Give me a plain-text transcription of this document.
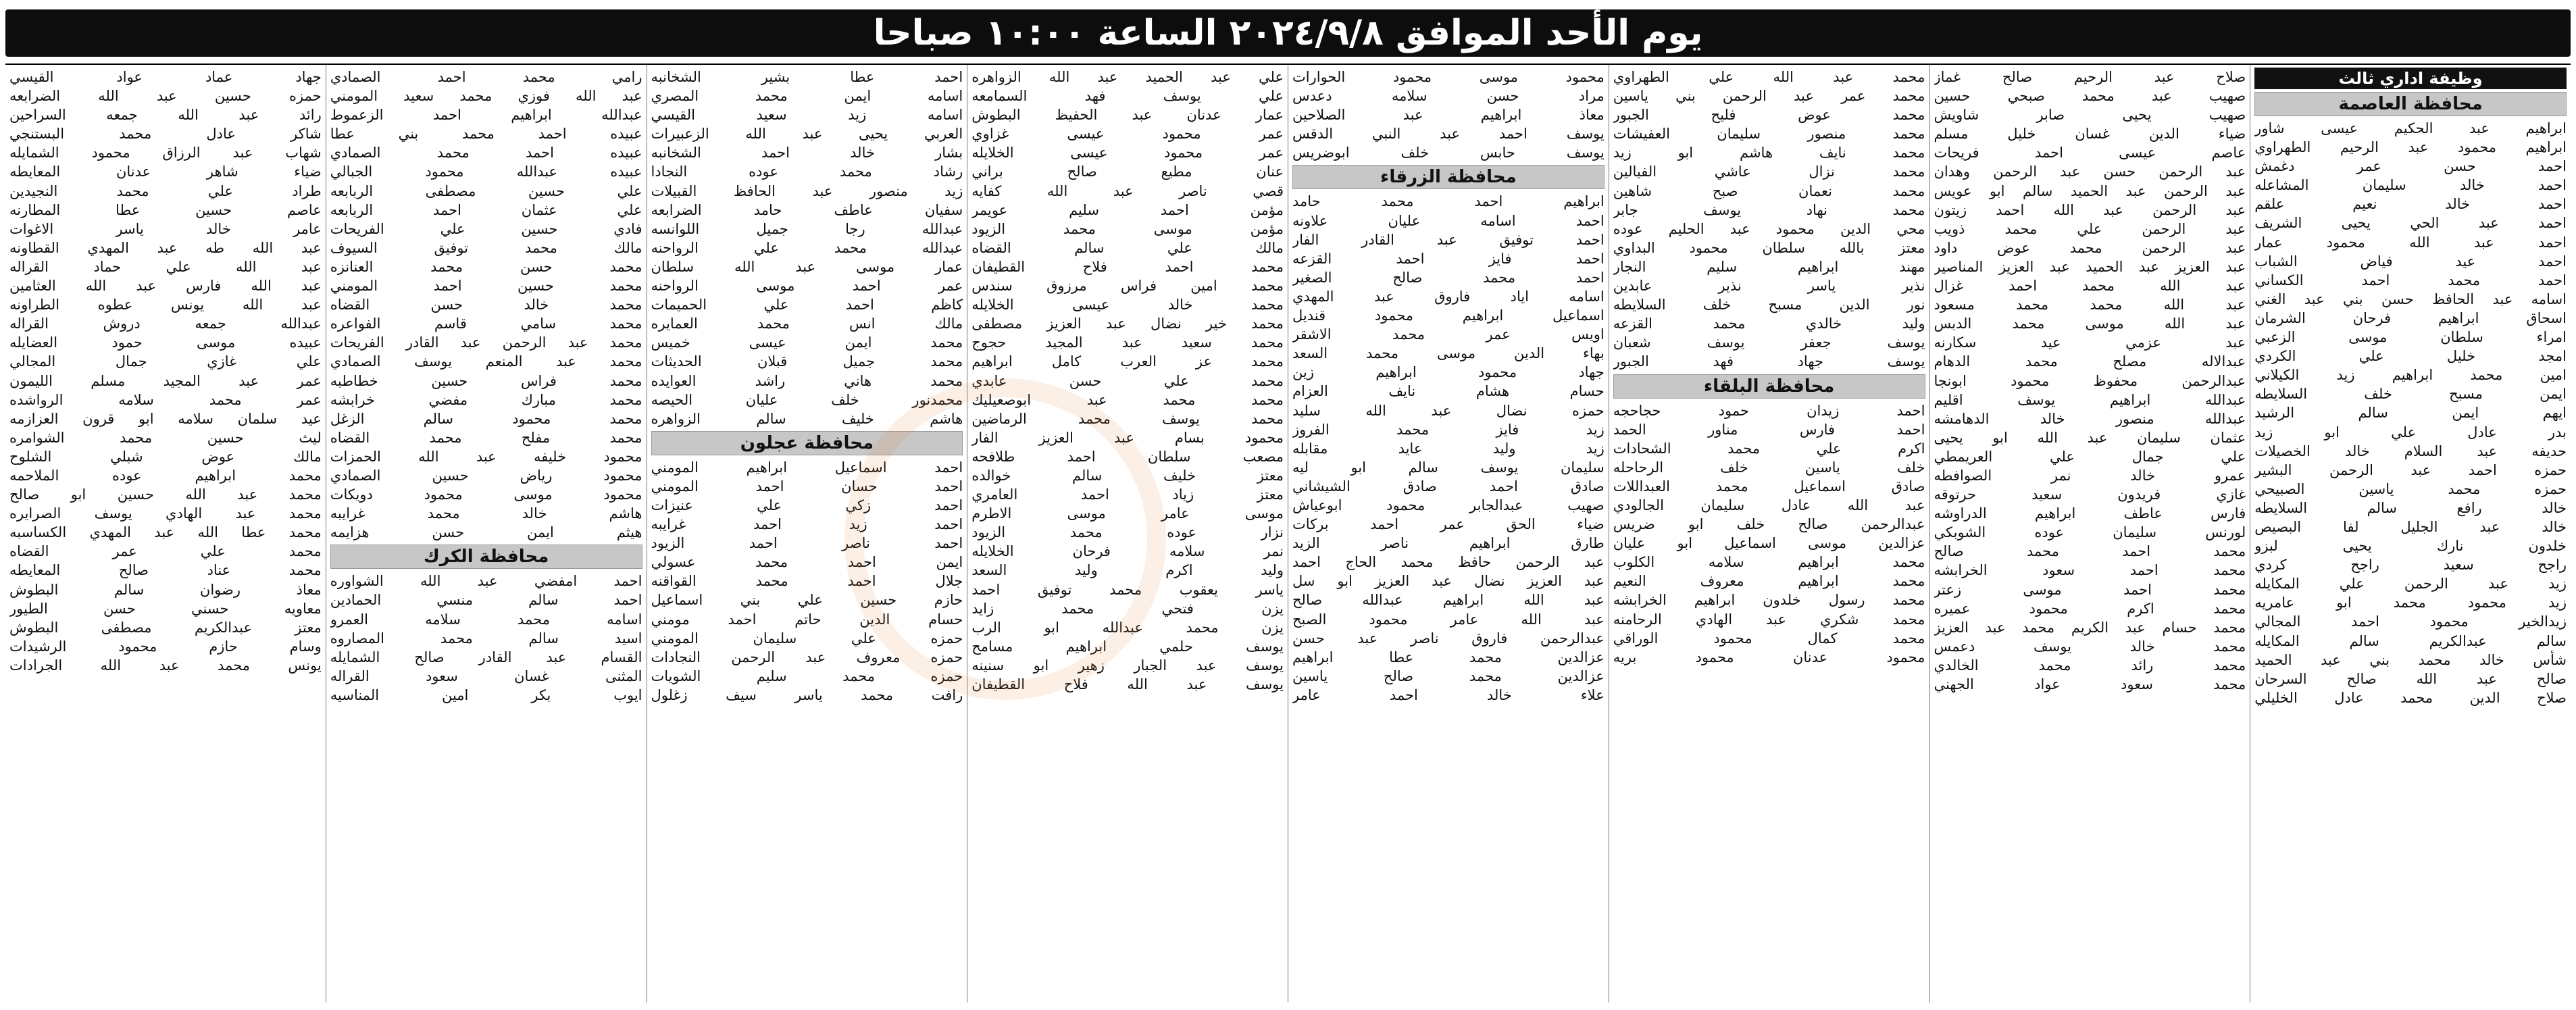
يوم الأحد الموافق ٢٠٢٤/٩/٨ الساعة ١٠:٠٠ صباحا
وظيفة اداري ثالث
محافظة العاصمة
ابراهيم عبد الحكيم عيسى شاور
ابراهيم محمود عبد الرحيم الطهراوي
احمد حسن عمر دغمش
احمد خالد سليمان المشاعله
احمد خالد نعيم علقم
احمد عبد الحي يحيى الشريف
احمد عبد الله محمود عمار
احمد عيد فياض الشباب
احمد محمد احمد الكساني
اسامه عبد الحافظ حسن بني عبد الغني
اسحاق ابراهيم فرحان الشرمان
امراء سلطان موسى الزعبي
امجد خليل علي الكردي
امين محمد ابراهيم زيد الكيلاني
ايمن مسبح خلف السلايطه
ايهم ايمن سالم الرشيد
بدر عادل علي ابو زيد
حديفه عبد السلام خالد الخصيلات
حمزه احمد عبد الرحمن البشير
حمزه محمد ياسين الصبيحي
خالد رافع سالم السلايطه
خالد عبد الجليل لفا البصيص
خلدون نارك يحيى لبزو
راجح سعيد راجح كردي
زيد عبد الرحمن علي المكايله
زيد محمود محمد ابو عامريه
زيدالخير محمود احمد المجالي
سالم عبدالكريم سالم المكايله
شأس خالد محمد بني عبد الحميد
صالح عبد الله صالح السرحان
صلاح الدين محمد عادل الخليلي
صلاح عبد الرحيم صالح غماز
صهيب عبد محمد صبحي حسين
صهيب يحيى صابر شاويش
ضياء الدين غسان خليل مسلم
عاصم عيسى احمد فريحات
عبد الرحمن حسن عبد الرحمن وهدان
عبد الرحمن عبد الحميد سالم ابو عويس
عبد الرحمن عبد الله احمد زيتون
عبد الرحمن علي محمد ذويب
عبد الرحمن محمد عوض داود
عبد العزيز عبد الحميد عبد العزيز المناصير
عبد الله محمد احمد غزال
عبد الله محمد محمد مسعود
عبد الله موسى محمد الدبس
عبد عزمي عيد سكارنه
عبدالاله مصلح محمد الدهام
عبدالرحمن محفوظ محمود ابونجا
عبدالله ابراهيم يوسف اقليم
عبدالله منصور خالد الدهامشه
عثمان سليمان عبد الله ابو يحيى
علي جمال علي العريمطي
عمرو خالد نمر الصوافطه
غازي فريدون سعيد حرتوقه
فارس عاطف ابراهيم الدراوشه
لورنس سليمان عوده الشوبكي
محمد احمد محمد صالح
محمد احمد سعود الخرابشه
محمد احمد موسى زعتر
محمد اكرم محمود عميره
محمد حسام عبد الكريم محمد عبد العزيز
محمد خالد يوسف دعمس
محمد رائد محمد الخالدي
محمد سعود عواد الجهني
محمد عبد الله علي الطهراوي
محمد عمر عبد الرحمن بني ياسين
محمد عوض فليح الجبور
محمد منصور سليمان العفيشات
محمد نايف هاشم ابو زيد
محمد نزال عاشي الفيالين
محمد نعمان صبح شاهين
محمد نهاد يوسف جابر
محي الدين محمود عبد الحليم عوده
معتز بالله سلطان محمود البداوي
مهند ابراهيم سليم النجار
نذير ياسر نذير عابدين
نور الدين مسبح خلف السلايطه
وليد خالدي محمد القزعه
يوسف جعفر يوسف شعبان
يوسف جهاد فهد الجبور
محافظة البلقاء
احمد زيدان حمود حجاحجه
احمد فارس مناور الحمد
اكرم علي محمد الشحادات
خلف ياسين خلف الرحاحله
صادق اسماعيل محمد العبداللات
عبد الله عادل سليمان الجالودي
عبدالرحمن صالح خلف ابو ضريس
عزالدين موسى اسماعيل ابو عليان
محمد ابراهيم سلامه الكلوب
محمد ابراهيم معروف النعيم
محمد رسول خلدون ابراهيم الخرابشه
محمد شكري عبد الهادي الرحامنه
محمد كمال محمود الوراقي
محمود عدنان محمود بريه
محمود موسى محمود الحوارات
مراد حسن سلامه دعدس
معاذ ابراهيم عبد الصلاحين
يوسف احمد عبد النبي الدقس
يوسف حابس خلف ابوضريس
محافظة الزرقاء
ابراهيم احمد محمد حامد
احمد اسامه عليان علاونه
احمد توفيق عبد القادر الفار
احمد فايز احمد القزعه
احمد محمد صالح الصغير
اسامه اياد فاروق عبد المهدي
اسماعيل ابراهيم محمود قنديل
اويس عمر محمد الاشقر
بهاء الدين موسى محمد السعد
جهاد محمود ابراهيم زين
حسام هشام نايف العزام
حمزه نضال عبد الله سليد
زيد فايز محمد الفروز
زيد وليد عايد مقابله
سليمان يوسف سالم ابو ليه
صادق احمد صادق الشيشاني
صهيب عبدالجابر محمود ابوعياش
ضياء الحق عمر احمد بركات
طارق ابراهيم ناصر الزيد
عبد الرحمن حافظ محمد الحاج احمد
عبد العزيز نضال عبد العزيز ابو سل
عبد الله ابراهيم عبدالله صالح
عبد الله عامر محمود الصبح
عبدالرحمن فاروق ناصر عبد حسن
عزالدين محمد عطا ابراهيم
عزالدين محمد صالح ياسين
علاء خالد احمد عامر
علي عبد الحميد عبد الله الزواهره
علي يوسف فهد السمامعه
عمار عدنان عبد الحفيظ البطوش
عمر محمود عيسى غزاوي
عمر محمود عيسى الخلايله
عنان مطيع صالح براني
قصي ناصر عبد الله كفايه
مؤمن احمد سليم عويمر
مؤمن موسى محمد الزيود
مالك علي سالم القضاه
محمد احمد فلاح القطيفان
محمد امين فراس مرزوق سندس
محمد خالد عيسى الخلايله
محمد خير نضال عبد العزيز مصطفى
محمد سعيد عبد المجيد حجوج
محمد عز العرب كامل ابراهيم
محمد علي حسن عابدي
محمد محمد عبد ابوصعيليك
محمد يوسف محمد الرماضين
محمود بسام عبد العزيز الفار
مصعب سلطان احمد طلافحه
معتز خليف سالم خوالده
معتز زياد احمد العامري
موسى عامر موسى الاطرم
نزار عوده محمد الزيود
نمر سلامه فرحان الخلايله
وليد اكرم وليد السعد
ياسر يعقوب محمد توفيق احمد
يزن فتحي محمد زايد
يزن محمد عبدالله ابو الرب
يوسف حلمي ابراهيم مسامح
يوسف عبد الجبار زهير ابو سنينه
يوسف عبد الله فلاح القطيفان
احمد عطا بشير الشخانبه
اسامه ايمن محمد المصري
اسامه زيد سعيد القيسي
العربي يحيى عبد الله الزعبيرات
بشار خالد احمد الشخانبه
رشاد محمد عوده النجادا
زيد منصور عبد الحافظ القبيلات
سفيان عاطف حامد الضرابعه
عبدالله رجا جميل اللوانسه
عبدالله محمد علي الرواحنه
عمار موسى عبد الله سلطان
عمر احمد موسى الرواحنه
كاظم احمد علي الحميمات
مالك انس محمد العمايره
محمد ايمن عيسى خميس
محمد جميل قبلان الحديثات
محمد هاني راشد العوايده
محمدنور خلف عليان الحيصه
هاشم خليف سالم الزواهره
محافظة عجلون
احمد اسماعيل ابراهيم المومني
احمد حسان احمد المومني
احمد زكي علي عنيزات
احمد زيد احمد غرايبه
احمد ناصر احمد الزيود
ايمن احمد محمد عسولي
جلال احمد محمد القواقنه
حازم حسين علي بني اسماعيل
حسام الدين حاتم احمد مومني
حمزه علي سليمان المومني
حمزه معروف عبد الرحمن النجادات
حمزه محمد سليم الشويات
رافت محمد ياسر سيف زغلول
رامي محمد احمد الصمادي
عبد الله فوزي محمد سعيد المومني
عبدالله ابراهيم احمد الزعموط
عبيده احمد محمد بني عطا
عبيده احمد محمد الصمادي
عبيده عبدالله محمود الجبالي
علي حسين مصطفى الربابعه
علي عثمان احمد الربابعه
فادي حسين علي الفريحات
مالك محمد توفيق السيوف
محمد حسن محمد العنانزه
محمد حسين احمد المومني
محمد خالد حسن القضاه
محمد سامي قاسم الفواعره
محمد عبد الرحمن عبد القادر الفريحات
محمد عبد المنعم يوسف الصمادي
محمد فراس حسين خطاطبه
محمد مبارك مفضي خرابشه
محمد محمود سالم الزغل
محمد مفلح محمد القضاه
محمود خليفه عبد الله الحمزات
محمود رياض حسين الصمادي
محمود موسى محمود دويكات
هاشم خالد محمد غرايبه
هيثم ايمن حسن هزايمه
محافظة الكرك
احمد امفضي عبد الله الشواوره
احمد سالم منسي الحمادين
اسامه محمد سلامه العمرو
اسيد سالم محمد المصاروه
القسام عبد القادر صالح الشمايله
المثنى غسان سعود القراله
ايوب بكر امين المناسيه
جهاد عماد عواد القيسي
حمزه حسين عبد الله الضرابعه
رائد عبد الله جمعه السراحين
شاكر عادل محمد البستنجي
شهاب عبد الرزاق محمود الشمايله
ضياء شاهر عدنان المعايطه
طراد علي محمد النجيدين
عاصم حسين عطا المطارنه
عامر خالد ياسر الاغوات
عبد الله طه عبد المهدي القطاونه
عبد الله علي حماد القراله
عبد الله فارس عبد الله العثامين
عبد الله يونس عطوه الطراونه
عبدالله جمعه دروش القراله
عبيده موسى حمود العضايله
علي غازي جمال المجالي
عمر عبد المجيد مسلم الليمون
عمر محمد سلامه الرواشده
عيد سلمان سلامه ابو قرون العزازمه
ليث حسين محمد الشوامره
مالك عوض شبلي الشلوح
محمد ابراهيم عوده الملاحمه
محمد عبد الله حسين ابو صالح
محمد عبد الهادي يوسف الصرايره
محمد عطا الله عبد المهدي الكساسبه
محمد علي عمر القضاه
محمد عناد صالح المعايطه
معاذ رضوان سالم البطوش
معاويه حسني حسن الطيور
معتز عبدالكريم مصطفى البطوش
وسام حازم محمود الرشيدات
يونس محمد عبد الله الجرادات
